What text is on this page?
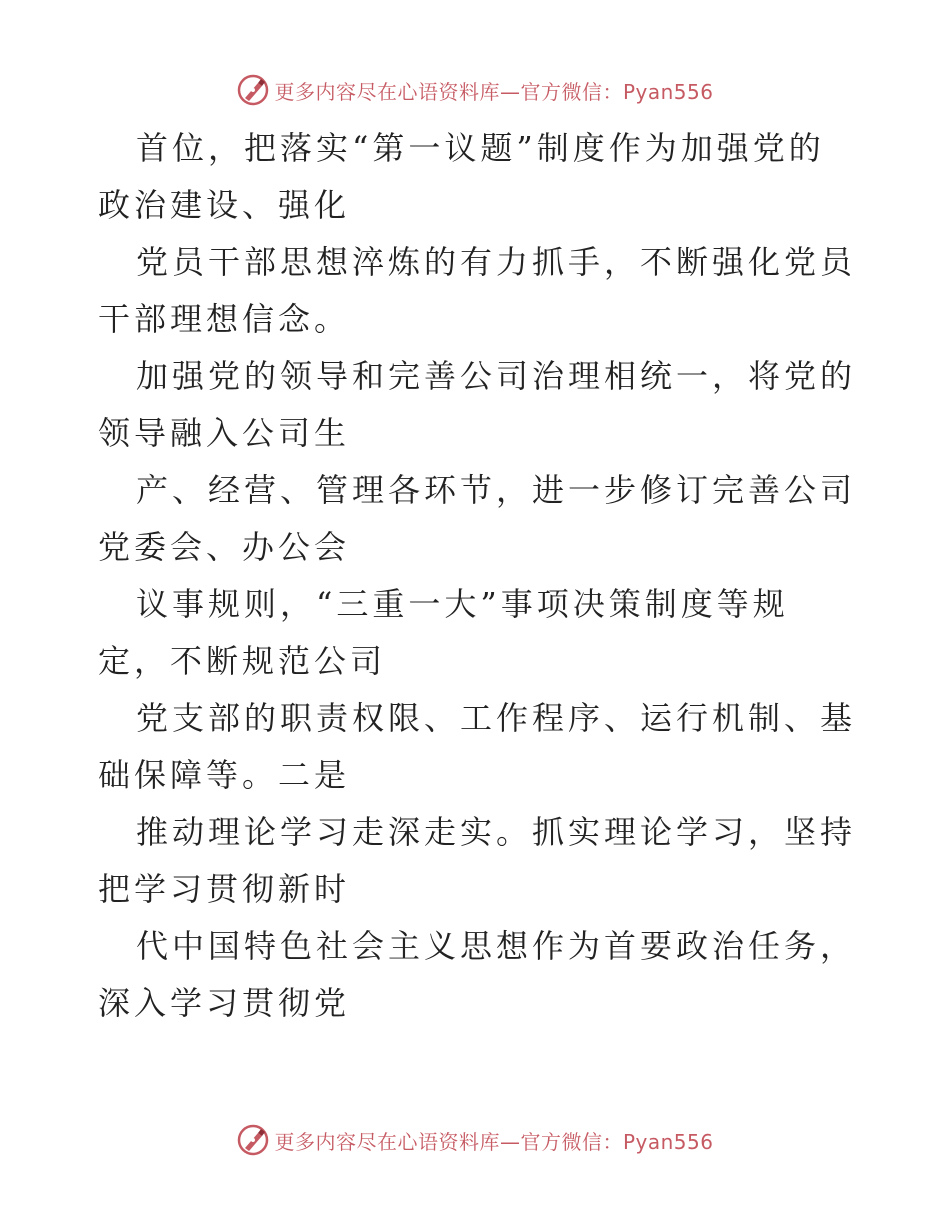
更多内容尽在心语资料库—官方微信：Pyan556

首位，把落实“第一议题”制度作为加强党的政治建设、强化

党员干部思想淬炼的有力抓手，不断强化党员干部理想信念。

加强党的领导和完善公司治理相统一，将党的领导融入公司生

产、经营、管理各环节，进一步修订完善公司党委会、办公会

议事规则，“三重一大”事项决策制度等规定，不断规范公司

党支部的职责权限、工作程序、运行机制、基础保障等。二是

推动理论学习走深走实。抓实理论学习，坚持把学习贯彻新时

代中国特色社会主义思想作为首要政治任务，深入学习贯彻党

更多内容尽在心语资料库—官方微信：Pyan556
